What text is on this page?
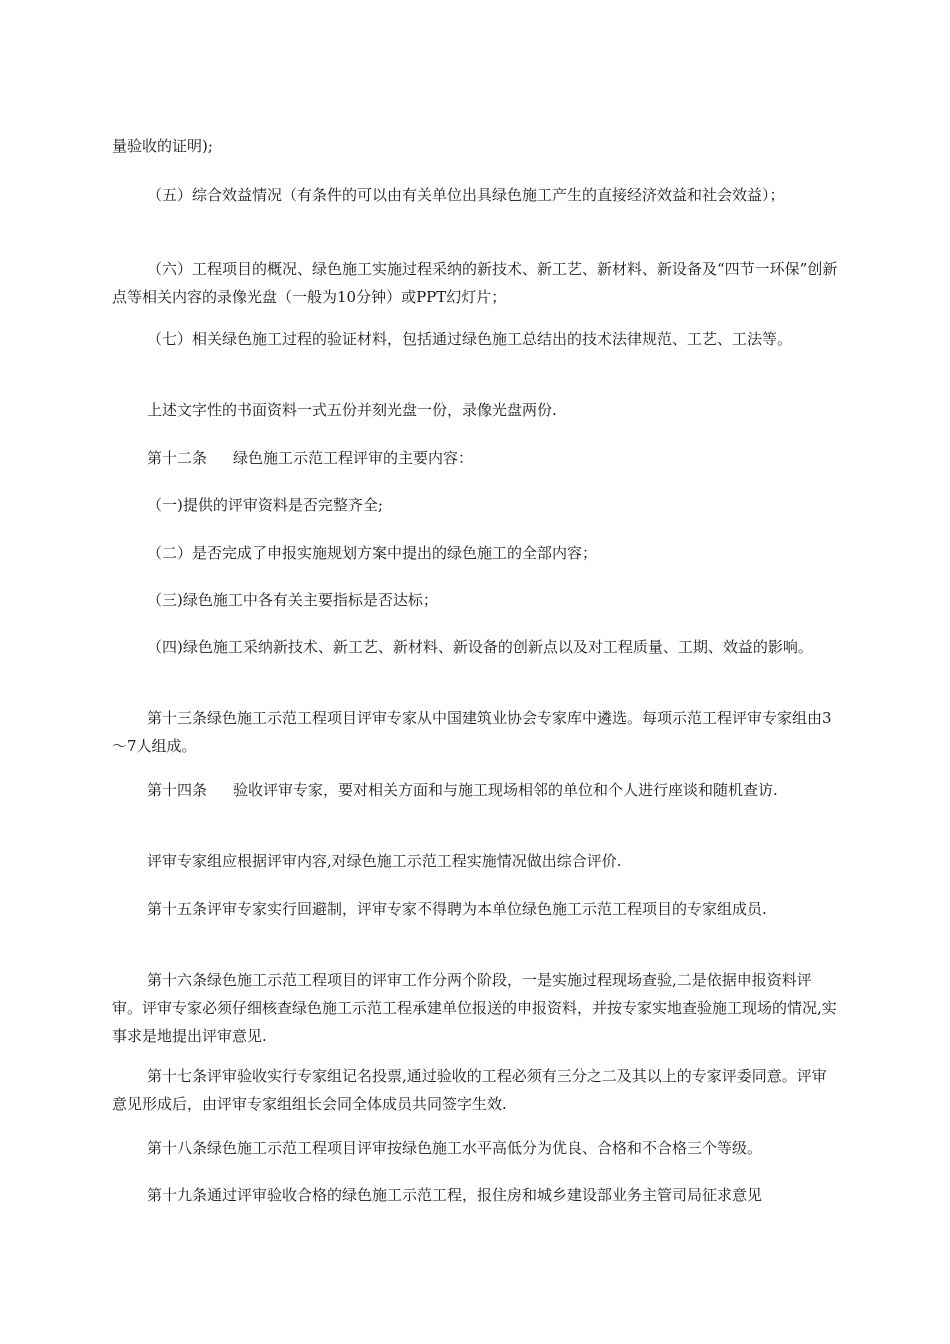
量验收的证明);

（五）综合效益情况（有条件的可以由有关单位出具绿色施工产生的直接经济效益和社会效益）；

（六）工程项目的概况、绿色施工实施过程采纳的新技术、新工艺、新材料、新设备及“四节一环保”创新点等相关内容的录像光盘（一般为10分钟）或PPT幻灯片；

（七）相关绿色施工过程的验证材料，包括通过绿色施工总结出的技术法律规范、工艺、工法等。

上述文字性的书面资料一式五份并刻光盘一份，录像光盘两份.

第十二条 绿色施工示范工程评审的主要内容：

（一)提供的评审资料是否完整齐全;

（二）是否完成了申报实施规划方案中提出的绿色施工的全部内容；

（三)绿色施工中各有关主要指标是否达标；

（四)绿色施工采纳新技术、新工艺、新材料、新设备的创新点以及对工程质量、工期、效益的影响。

第十三条绿色施工示范工程项目评审专家从中国建筑业协会专家库中遴选。每项示范工程评审专家组由3～7人组成。

第十四条 验收评审专家，要对相关方面和与施工现场相邻的单位和个人进行座谈和随机查访.

评审专家组应根据评审内容,对绿色施工示范工程实施情况做出综合评价.

第十五条评审专家实行回避制，评审专家不得聘为本单位绿色施工示范工程项目的专家组成员.

第十六条绿色施工示范工程项目的评审工作分两个阶段，一是实施过程现场查验,二是依据申报资料评审。评审专家必须仔细核查绿色施工示范工程承建单位报送的申报资料，并按专家实地查验施工现场的情况,实事求是地提出评审意见.

第十七条评审验收实行专家组记名投票,通过验收的工程必须有三分之二及其以上的专家评委同意。评审意见形成后，由评审专家组组长会同全体成员共同签字生效.

第十八条绿色施工示范工程项目评审按绿色施工水平高低分为优良、合格和不合格三个等级。

第十九条通过评审验收合格的绿色施工示范工程，报住房和城乡建设部业务主管司局征求意见
